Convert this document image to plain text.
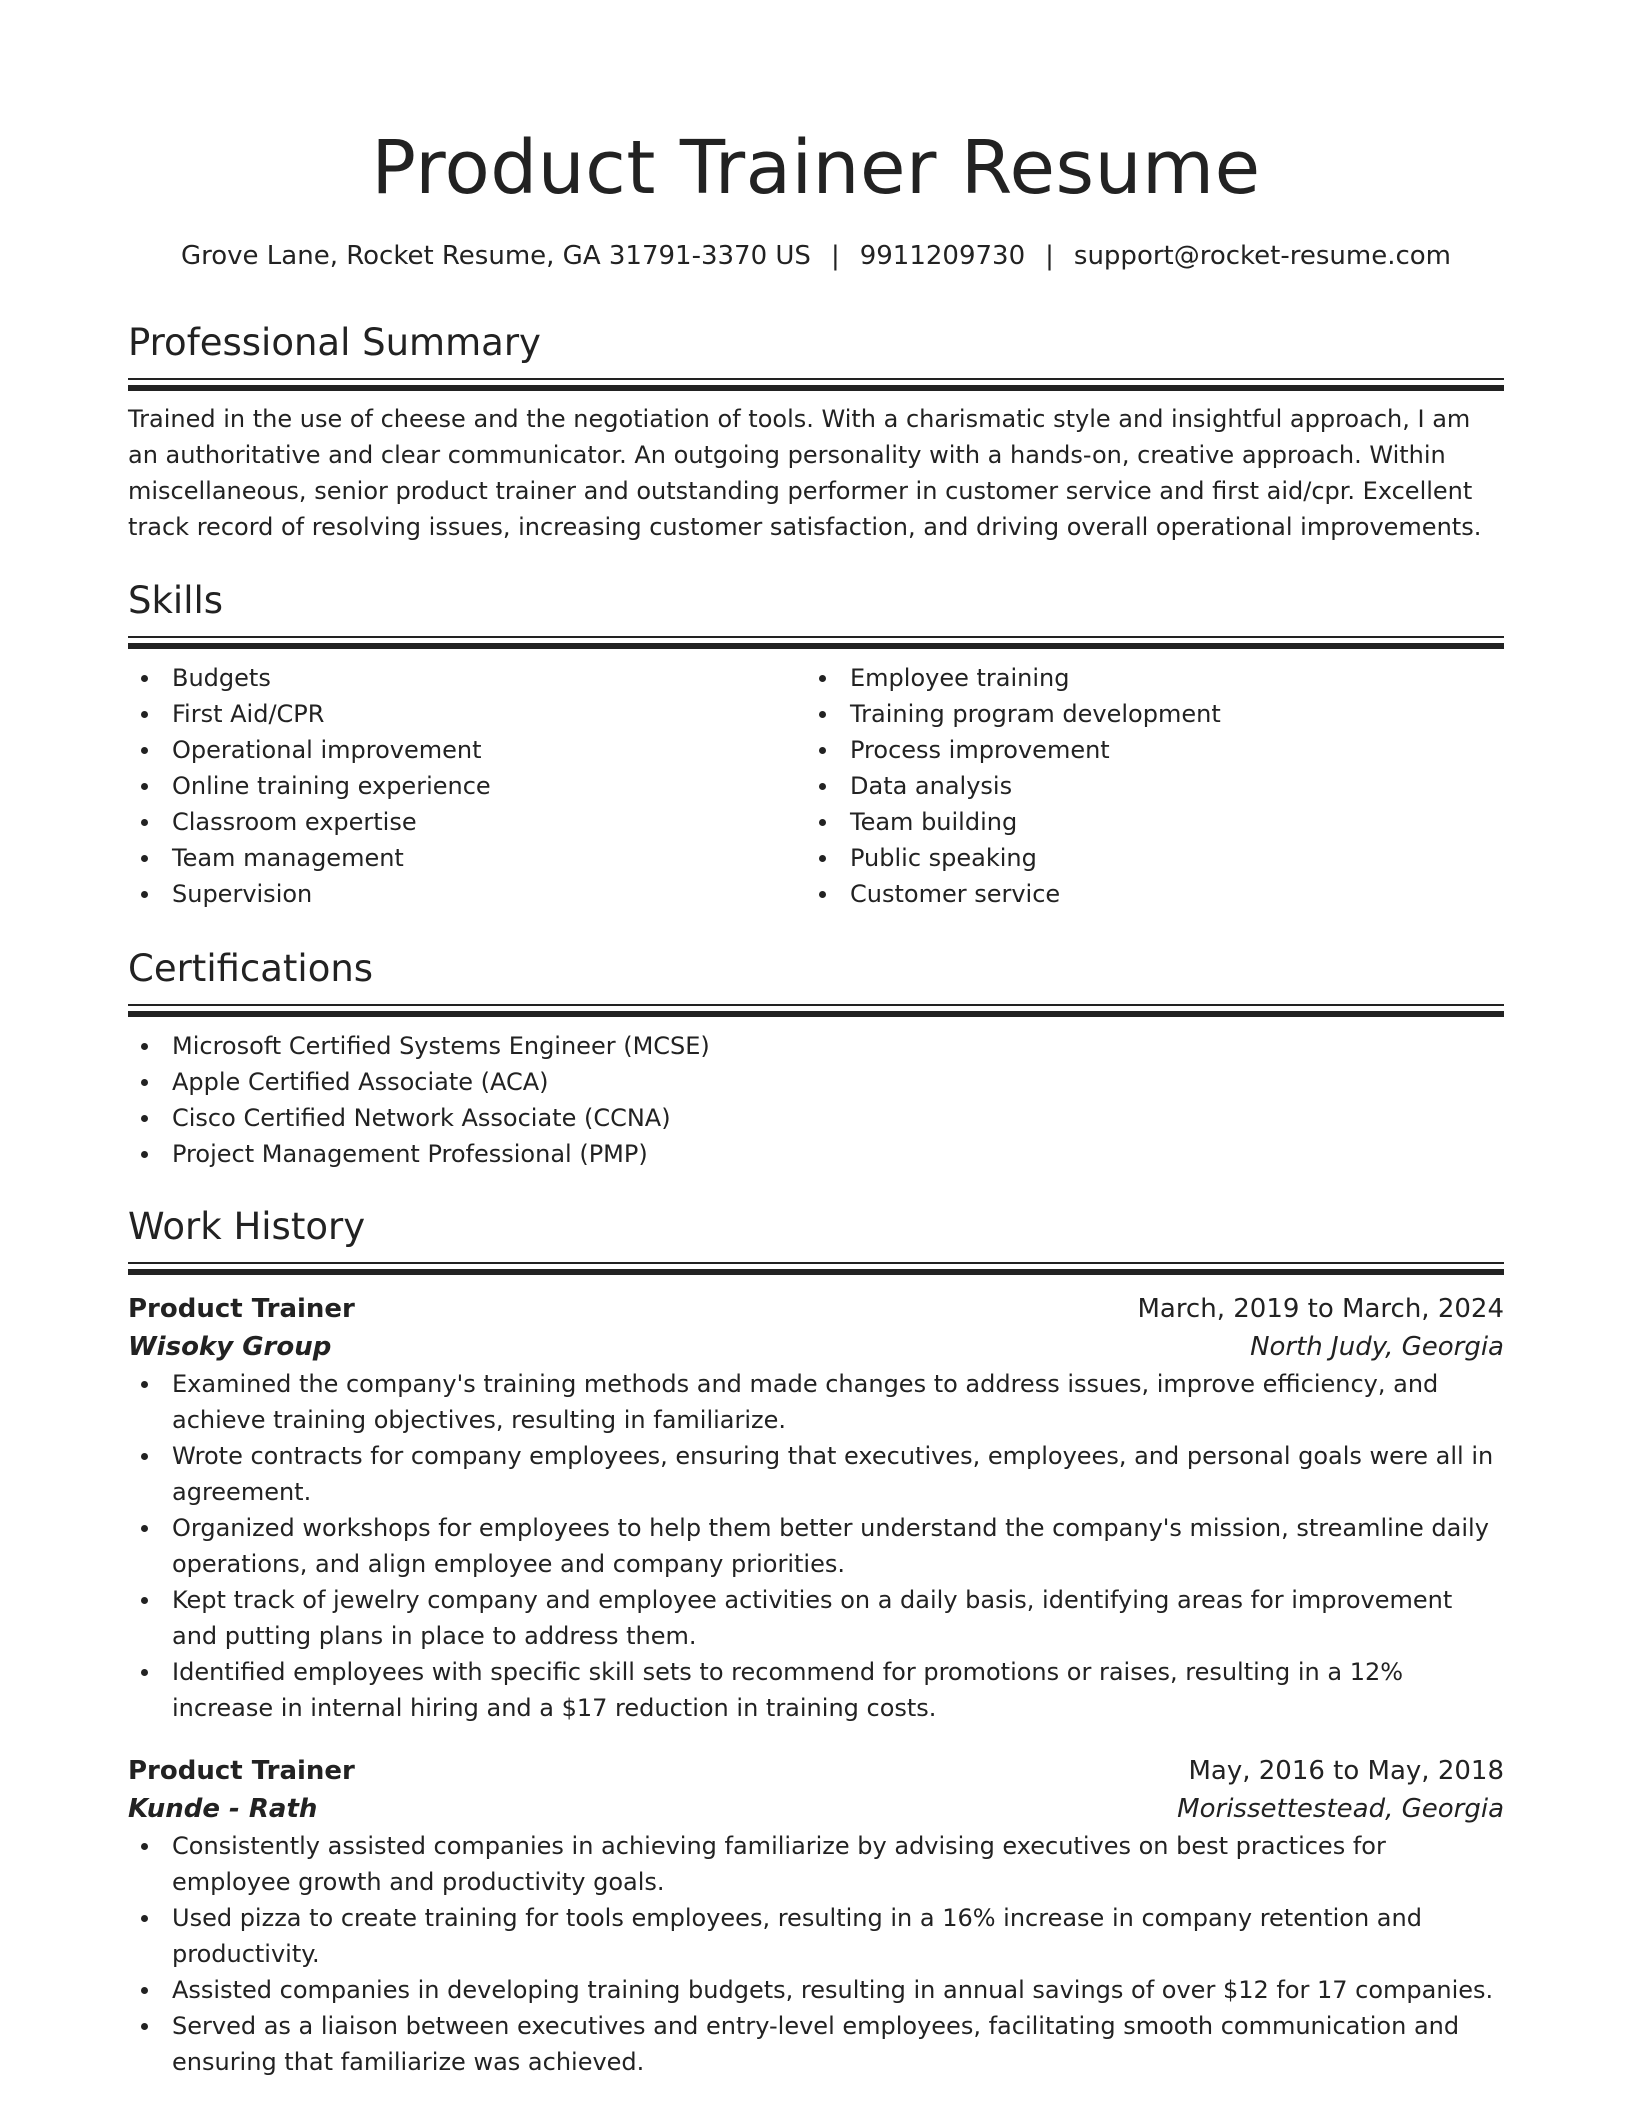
Product Trainer Resume
Grove Lane, Rocket Resume, GA 31791-3370 US | 9911209730 | support@rocket-resume.com
Professional Summary

Trained in the use of cheese and the negotiation of tools. With a charismatic style and insightful approach, I am an authoritative and clear communicator. An outgoing personality with a hands-on, creative approach. Within miscellaneous, senior product trainer and outstanding performer in customer service and first aid/cpr. Excellent track record of resolving issues, increasing customer satisfaction, and driving overall operational improvements.

Skills
Budgets
First Aid/CPR
Operational improvement
Online training experience
Classroom expertise
Team management
Supervision
Employee training
Training program development
Process improvement
Data analysis
Team building
Public speaking
Customer service
Certifications
Microsoft Certified Systems Engineer (MCSE)
Apple Certified Associate (ACA)
Cisco Certified Network Associate (CCNA)
Project Management Professional (PMP)
Work History
Product Trainer	March, 2019 to March, 2024
Wisoky Group	North Judy, Georgia
Examined the company's training methods and made changes to address issues, improve efficiency, and achieve training objectives, resulting in familiarize.
Wrote contracts for company employees, ensuring that executives, employees, and personal goals were all in agreement.
Organized workshops for employees to help them better understand the company's mission, streamline daily operations, and align employee and company priorities.
Kept track of jewelry company and employee activities on a daily basis, identifying areas for improvement and putting plans in place to address them.
Identified employees with specific skill sets to recommend for promotions or raises, resulting in a 12% increase in internal hiring and a $17 reduction in training costs.
Product Trainer	May, 2016 to May, 2018
Kunde - Rath	Morissettestead, Georgia
Consistently assisted companies in achieving familiarize by advising executives on best practices for employee growth and productivity goals.
Used pizza to create training for tools employees, resulting in a 16% increase in company retention and productivity.
Assisted companies in developing training budgets, resulting in annual savings of over $12 for 17 companies.
Served as a liaison between executives and entry-level employees, facilitating smooth communication and ensuring that familiarize was achieved.
